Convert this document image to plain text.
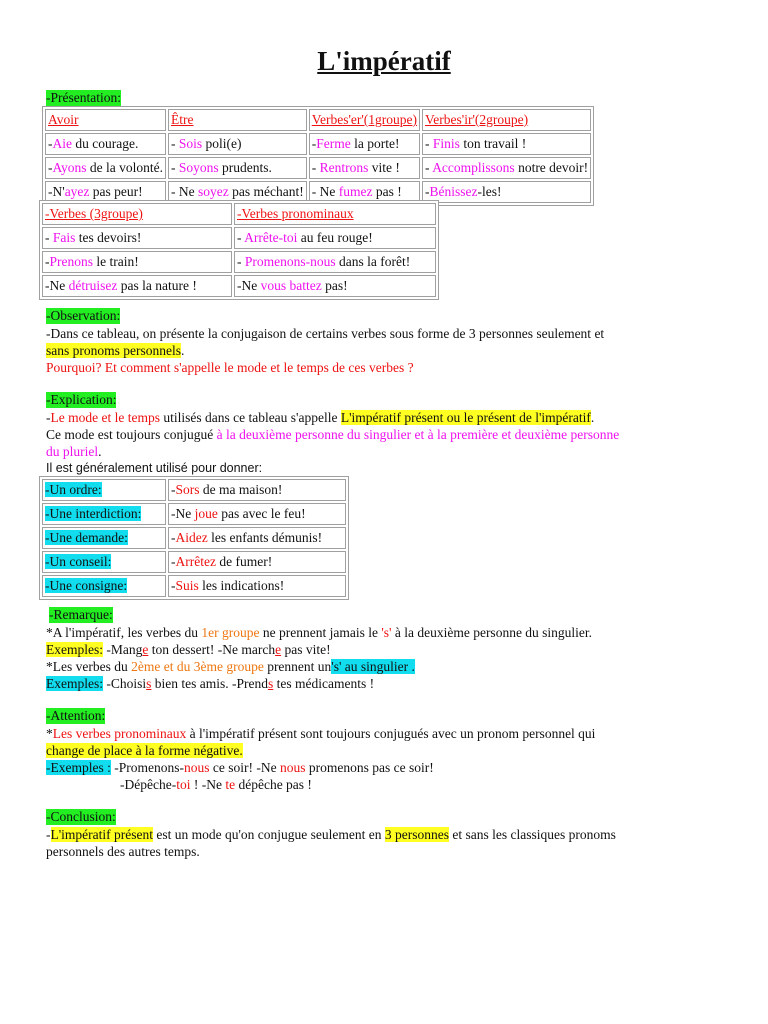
L'impératif
-Présentation:
Avoir	Être	Verbes'er'(1groupe)	Verbes'ir'(2groupe)
-Aie du courage.	- Sois poli(e)	-Ferme la porte!	- Finis ton travail !
-Ayons de la volonté.	- Soyons prudents.	- Rentrons vite !	- Accomplissons notre devoir!
-N'ayez pas peur!	- Ne soyez pas méchant!	- Ne fumez pas !	-Bénissez-les!
-Verbes (3groupe)	-Verbes pronominaux
- Fais tes devoirs!	- Arrête-toi au feu rouge!
-Prenons le train!	- Promenons-nous dans la forêt!
-Ne détruisez pas la nature !	-Ne vous battez pas!
-Observation:
-Dans ce tableau, on présente la conjugaison de certains verbes sous forme de 3 personnes seulement et
sans pronoms personnels.
Pourquoi? Et comment s'appelle le mode et le temps de ces verbes ?
-Explication:
-Le mode et le temps utilisés dans ce tableau s'appelle L'impératif présent ou le présent de l'impératif.
Ce mode est toujours conjugué à la deuxième personne du singulier et à la première et deuxième personne
du pluriel.
Il est généralement utilisé pour donner:
-Un ordre:	-Sors de ma maison!
-Une interdiction:	-Ne joue pas avec le feu!
-Une demande:	-Aidez les enfants démunis!
-Un conseil:	-Arrêtez de fumer!
-Une consigne:	-Suis les indications!
-Remarque:
*A l'impératif, les verbes du 1er groupe ne prennent jamais le 's' à la deuxième personne du singulier.
Exemples: -Mange ton dessert! -Ne marche pas vite!
*Les verbes du 2ème et du 3ème groupe prennent un's' au singulier .
Exemples: -Choisis bien tes amis. -Prends tes médicaments !
-Attention:
*Les verbes pronominaux à l'impératif présent sont toujours conjugués avec un pronom personnel qui
change de place à la forme négative.
-Exemples : -Promenons-nous ce soir! -Ne nous promenons pas ce soir!
-Dépêche-toi ! -Ne te dépêche pas !
-Conclusion:
-L'impératif présent est un mode qu'on conjugue seulement en 3 personnes et sans les classiques pronoms
personnels des autres temps.
